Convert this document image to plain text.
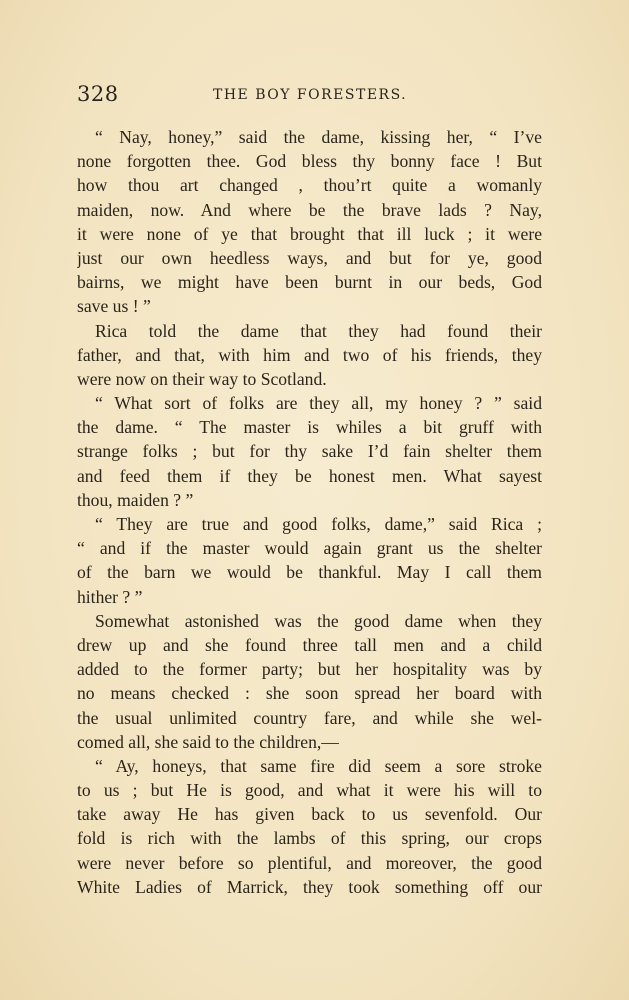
328	THE BOY FORESTERS.
“ Nay, honey,” said the dame, kissing her, “ I’ve
none forgotten thee. God bless thy bonny face ! But
how thou art changed , thou’rt quite a womanly
maiden, now. And where be the brave lads ? Nay,
it were none of ye that brought that ill luck ; it were
just our own heedless ways, and but for ye, good
bairns, we might have been burnt in our beds, God
save us ! ”
Rica told the dame that they had found their
father, and that, with him and two of his friends, they
were now on their way to Scotland.
“ What sort of folks are they all, my honey ? ” said
the dame. “ The master is whiles a bit gruff with
strange folks ; but for thy sake I’d fain shelter them
and feed them if they be honest men. What sayest
thou, maiden ? ”
“ They are true and good folks, dame,” said Rica ;
“ and if the master would again grant us the shelter
of the barn we would be thankful. May I call them
hither ? ”
Somewhat astonished was the good dame when they
drew up and she found three tall men and a child
added to the former party; but her hospitality was by
no means checked : she soon spread her board with
the usual unlimited country fare, and while she wel-
comed all, she said to the children,—
“ Ay, honeys, that same fire did seem a sore stroke
to us ; but He is good, and what it were his will to
take away He has given back to us sevenfold. Our
fold is rich with the lambs of this spring, our crops
were never before so plentiful, and moreover, the good
White Ladies of Marrick, they took something off our
